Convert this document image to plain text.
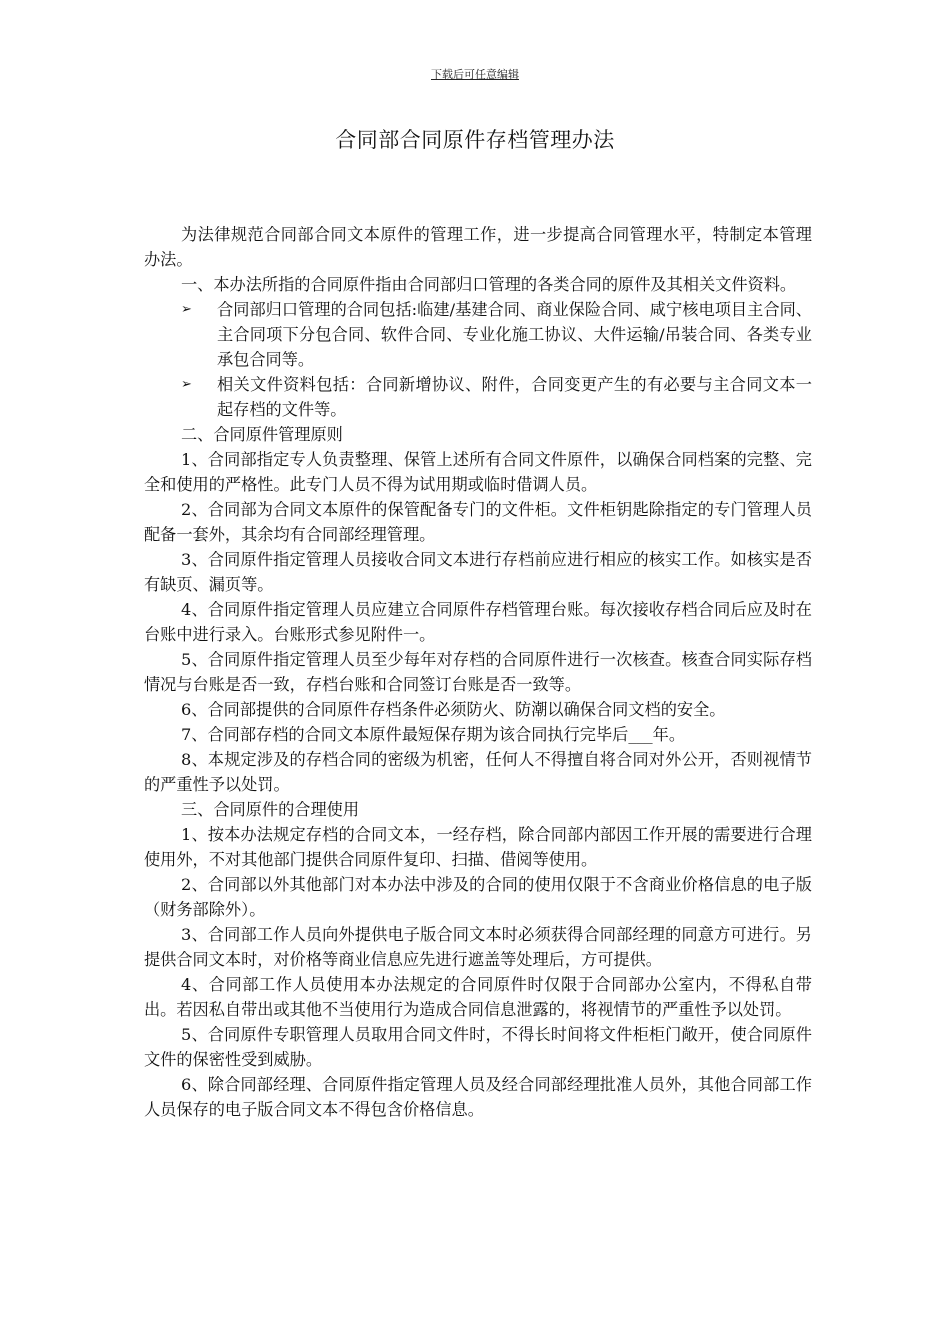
下载后可任意编辑
合同部合同原件存档管理办法

为法律规范合同部合同文本原件的管理工作，进一步提高合同管理水平，特制定本管理办法。

一、本办法所指的合同原件指由合同部归口管理的各类合同的原件及其相关文件资料。

➢ 合同部归口管理的合同包括:临建/基建合同、商业保险合同、咸宁核电项目主合同、主合同项下分包合同、软件合同、专业化施工协议、大件运输/吊装合同、各类专业承包合同等。
➢ 相关文件资料包括：合同新增协议、附件，合同变更产生的有必要与主合同文本一起存档的文件等。

二、合同原件管理原则

1、合同部指定专人负责整理、保管上述所有合同文件原件，以确保合同档案的完整、完全和使用的严格性。此专门人员不得为试用期或临时借调人员。

2、合同部为合同文本原件的保管配备专门的文件柜。文件柜钥匙除指定的专门管理人员配备一套外，其余均有合同部经理管理。

3、合同原件指定管理人员接收合同文本进行存档前应进行相应的核实工作。如核实是否有缺页、漏页等。

4、合同原件指定管理人员应建立合同原件存档管理台账。每次接收存档合同后应及时在台账中进行录入。台账形式参见附件一。

5、合同原件指定管理人员至少每年对存档的合同原件进行一次核查。核查合同实际存档情况与台账是否一致，存档台账和合同签订台账是否一致等。

6、合同部提供的合同原件存档条件必须防火、防潮以确保合同文档的安全。

7、合同部存档的合同文本原件最短保存期为该合同执行完毕后___年。

8、本规定涉及的存档合同的密级为机密，任何人不得擅自将合同对外公开，否则视情节的严重性予以处罚。

三、合同原件的合理使用

1、按本办法规定存档的合同文本，一经存档，除合同部内部因工作开展的需要进行合理使用外，不对其他部门提供合同原件复印、扫描、借阅等使用。

2、合同部以外其他部门对本办法中涉及的合同的使用仅限于不含商业价格信息的电子版（财务部除外）。

3、合同部工作人员向外提供电子版合同文本时必须获得合同部经理的同意方可进行。另提供合同文本时，对价格等商业信息应先进行遮盖等处理后，方可提供。

4、合同部工作人员使用本办法规定的合同原件时仅限于合同部办公室内，不得私自带出。若因私自带出或其他不当使用行为造成合同信息泄露的，将视情节的严重性予以处罚。

5、合同原件专职管理人员取用合同文件时，不得长时间将文件柜柜门敞开，使合同原件文件的保密性受到威胁。

6、除合同部经理、合同原件指定管理人员及经合同部经理批准人员外，其他合同部工作人员保存的电子版合同文本不得包含价格信息。
